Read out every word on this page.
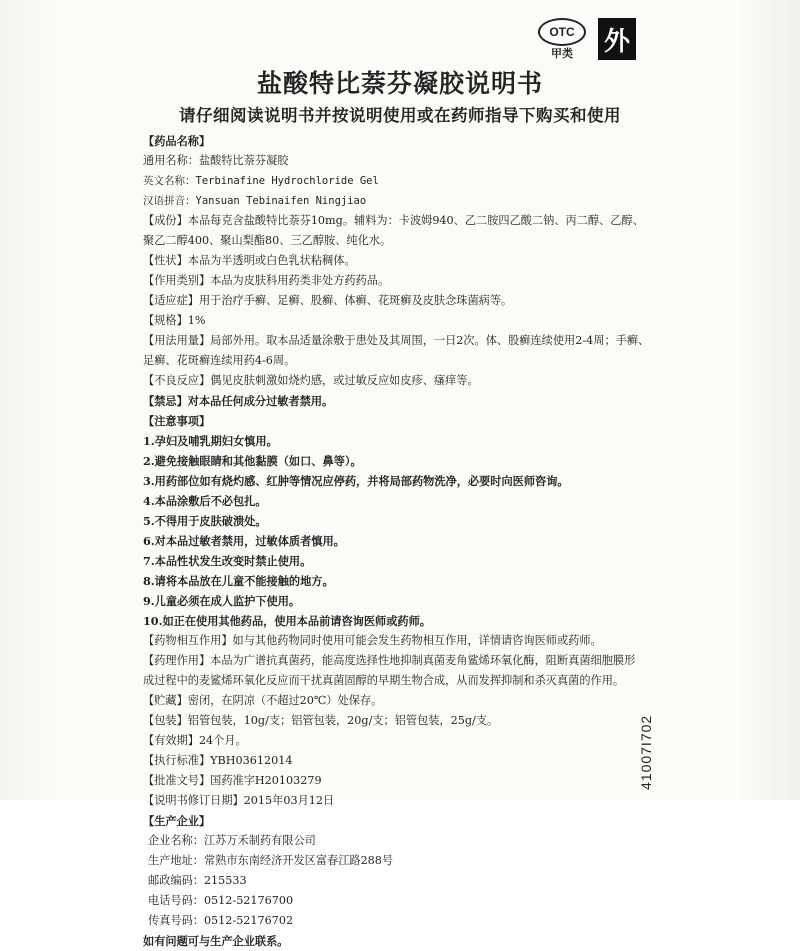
OTC
甲类	外
盐酸特比萘芬凝胶说明书
请仔细阅读说明书并按说明使用或在药师指导下购买和使用
【药品名称】
通用名称：盐酸特比萘芬凝胶
英文名称：Terbinafine Hydrochloride Gel
汉语拼音：Yansuan Tebinaifen Ningjiao
【成份】本品每克含盐酸特比萘芬10mg。辅料为：卡波姆940、乙二胺四乙酸二钠、丙二醇、乙醇、
聚乙二醇400、聚山梨酯80、三乙醇胺、纯化水。
【性状】本品为半透明或白色乳状粘稠体。
【作用类别】本品为皮肤科用药类非处方药药品。
【适应症】用于治疗手癣、足癣、股癣、体癣、花斑癣及皮肤念珠菌病等。
【规格】1%
【用法用量】局部外用。取本品适量涂敷于患处及其周围，一日2次。体、股癣连续使用2-4周；手癣、
足癣、花斑癣连续用药4-6周。
【不良反应】偶见皮肤刺激如烧灼感，或过敏反应如皮疹、瘙痒等。
【禁忌】对本品任何成分过敏者禁用。
【注意事项】
1.孕妇及哺乳期妇女慎用。
2.避免接触眼睛和其他黏膜（如口、鼻等）。
3.用药部位如有烧灼感、红肿等情况应停药，并将局部药物洗净，必要时向医师咨询。
4.本品涂敷后不必包扎。
5.不得用于皮肤破溃处。
6.对本品过敏者禁用，过敏体质者慎用。
7.本品性状发生改变时禁止使用。
8.请将本品放在儿童不能接触的地方。
9.儿童必须在成人监护下使用。
10.如正在使用其他药品，使用本品前请咨询医师或药师。
【药物相互作用】如与其他药物同时使用可能会发生药物相互作用，详情请咨询医师或药师。
【药理作用】本品为广谱抗真菌药，能高度选择性地抑制真菌麦角鲨烯环氧化酶，阻断真菌细胞膜形
成过程中的麦鲨烯环氧化反应而干扰真菌固醇的早期生物合成，从而发挥抑制和杀灭真菌的作用。
【贮藏】密闭，在阴凉（不超过20℃）处保存。
【包装】铝管包装，10g/支；铝管包装，20g/支；铝管包装，25g/支。
【有效期】24个月。
【执行标准】YBH03612014
【批准文号】国药准字H20103279
【说明书修订日期】2015年03月12日
【生产企业】
企业名称：江苏万禾制药有限公司
生产地址：常熟市东南经济开发区富春江路288号
邮政编码：215533
电话号码：0512-52176700
传真号码：0512-52176702
如有问题可与生产企业联系。
41007I702
